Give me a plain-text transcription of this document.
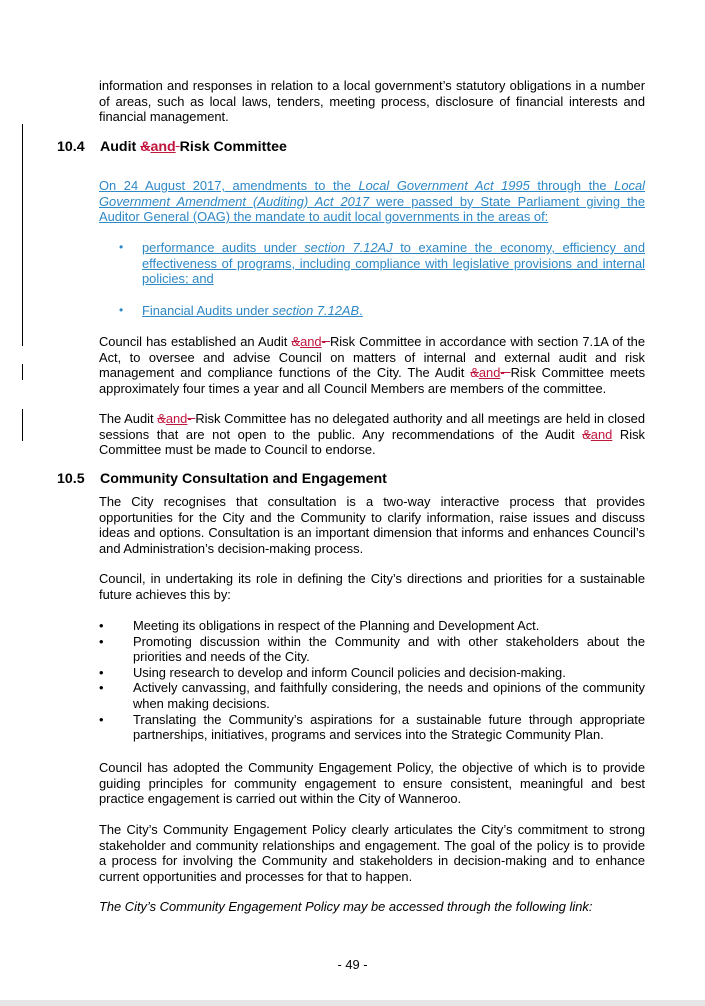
information and responses in relation to a local government’s statutory obligations in a number of areas, such as local laws, tenders, meeting process, disclosure of financial interests and financial management.

10.4 Audit &and Risk Committee

On 24 August 2017, amendments to the Local Government Act 1995 through the Local Government Amendment (Auditing) Act 2017 were passed by State Parliament giving the Auditor General (OAG) the mandate to audit local governments in the areas of:

•	performance audits under section 7.12AJ to examine the economy, efficiency and effectiveness of programs, including compliance with legislative provisions and internal policies; and
•	Financial Audits under section 7.12AB.

Council has established an Audit &and- Risk Committee in accordance with section 7.1A of the Act, to oversee and advise Council on matters of internal and external audit and risk management and compliance functions of the City. The Audit &and- Risk Committee meets approximately four times a year and all Council Members are members of the committee.

The Audit &and- Risk Committee has no delegated authority and all meetings are held in closed sessions that are not open to the public. Any recommendations of the Audit &and Risk Committee must be made to Council to endorse.

10.5 Community Consultation and Engagement

The City recognises that consultation is a two-way interactive process that provides opportunities for the City and the Community to clarify information, raise issues and discuss ideas and options. Consultation is an important dimension that informs and enhances Council’s and Administration’s decision-making process.

Council, in undertaking its role in defining the City’s directions and priorities for a sustainable future achieves this by:

• Meeting its obligations in respect of the Planning and Development Act.
• Promoting discussion within the Community and with other stakeholders about the priorities and needs of the City.
• Using research to develop and inform Council policies and decision-making.
• Actively canvassing, and faithfully considering, the needs and opinions of the community when making decisions.
• Translating the Community’s aspirations for a sustainable future through appropriate partnerships, initiatives, programs and services into the Strategic Community Plan.

Council has adopted the Community Engagement Policy, the objective of which is to provide guiding principles for community engagement to ensure consistent, meaningful and best practice engagement is carried out within the City of Wanneroo.

The City’s Community Engagement Policy clearly articulates the City’s commitment to strong stakeholder and community relationships and engagement. The goal of the policy is to provide a process for involving the Community and stakeholders in decision-making and to enhance current opportunities and processes for that to happen.

The City’s Community Engagement Policy may be accessed through the following link:

- 49 -
